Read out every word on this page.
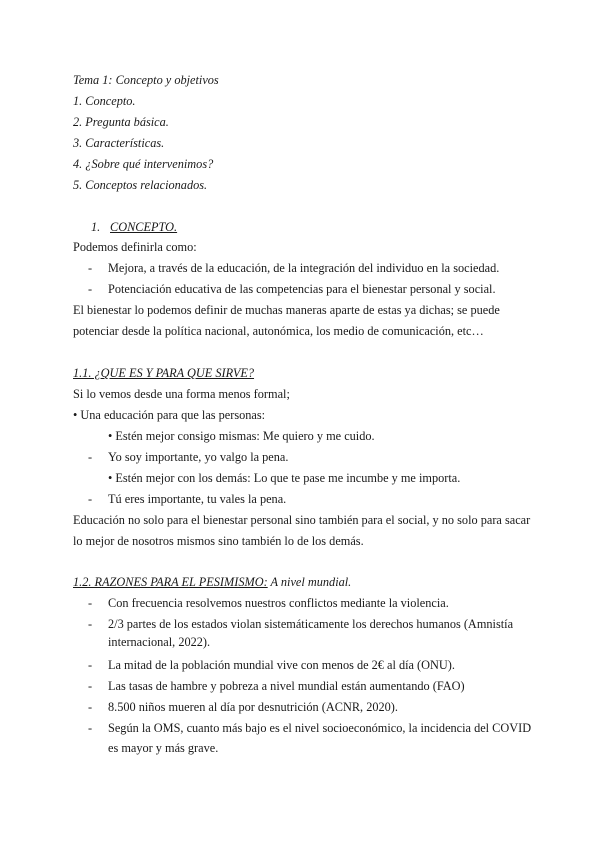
Tema 1: Concepto y objetivos
1. Concepto.
2. Pregunta básica.
3. Características.
4. ¿Sobre qué intervenimos?
5. Conceptos relacionados.
1. CONCEPTO.
Podemos definirla como:
- Mejora, a través de la educación, de la integración del individuo en la sociedad.
- Potenciación educativa de las competencias para el bienestar personal y social.
El bienestar lo podemos definir de muchas maneras aparte de estas ya dichas; se puede
potenciar desde la política nacional, autonómica, los medio de comunicación, etc…
1.1. ¿QUE ES Y PARA QUE SIRVE?
Si lo vemos desde una forma menos formal;
• Una educación para que las personas:
• Estén mejor consigo mismas: Me quiero y me cuido.
- Yo soy importante, yo valgo la pena.
• Estén mejor con los demás: Lo que te pase me incumbe y me importa.
- Tú eres importante, tu vales la pena.
Educación no solo para el bienestar personal sino también para el social, y no solo para sacar
lo mejor de nosotros mismos sino también lo de los demás.
1.2. RAZONES PARA EL PESIMISMO: A nivel mundial.
- Con frecuencia resolvemos nuestros conflictos mediante la violencia.
- 2/3 partes de los estados violan sistemáticamente los derechos humanos (Amnistía
internacional, 2022).
- La mitad de la población mundial vive con menos de 2€ al día (ONU).
- Las tasas de hambre y pobreza a nivel mundial están aumentando (FAO)
- 8.500 niños mueren al día por desnutrición (ACNR, 2020).
- Según la OMS, cuanto más bajo es el nivel socioeconómico, la incidencia del COVID
es mayor y más grave.
